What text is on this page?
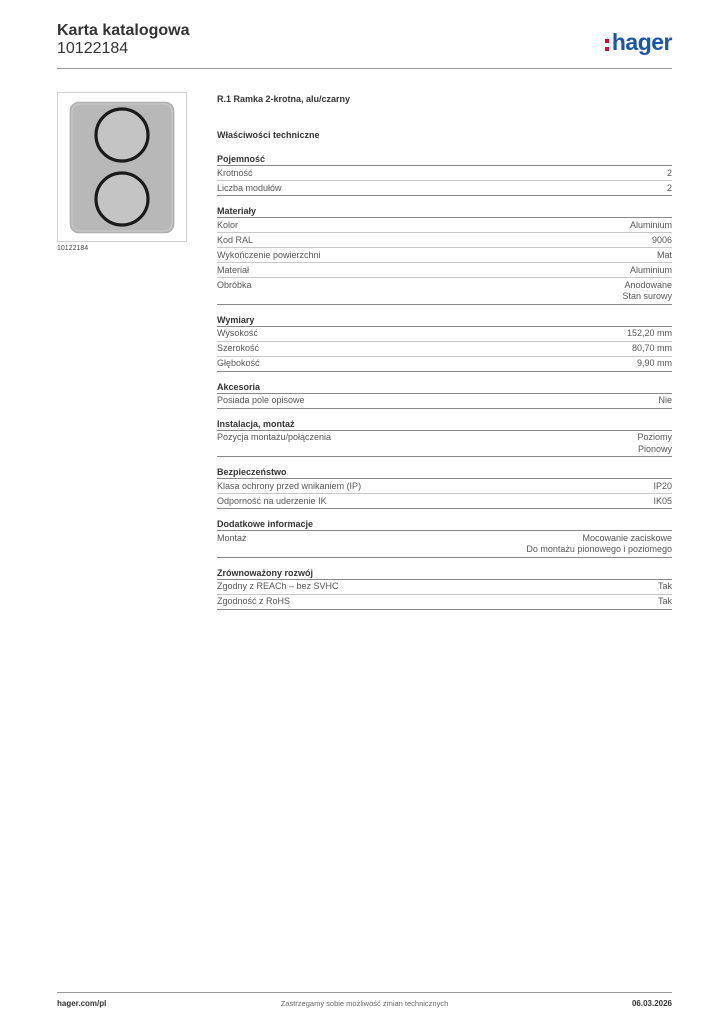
Karta katalogowa
10122184	hager
10122184
R.1 Ramka 2-krotna, alu/czarny
Właściwości techniczne
Pojemność
Krotność	2
Liczba modułów	2
Materiały
Kolor	Aluminium
Kod RAL	9006
Wykończenie powierzchni	Mat
Materiał	Aluminium
Obróbka	Anodowane
Stan surowy
Wymiary
Wysokość	152,20 mm
Szerokość	80,70 mm
Głębokość	9,90 mm
Akcesoria
Posiada pole opisowe	Nie
Instalacja, montaż
Pozycja montażu/połączenia	Poziomy
Pionowy
Bezpieczeństwo
Klasa ochrony przed wnikaniem (IP)	IP20
Odporność na uderzenie IK	IK05
Dodatkowe informacje
Montaż	Mocowanie zaciskowe
Do montażu pionowego i poziomego
Zrównoważony rozwój
Zgodny z REACh – bez SVHC	Tak
Zgodność z RoHS	Tak
hager.com/pl	Zastrzegamy sobie możliwość zmian technicznych	06.03.2026
